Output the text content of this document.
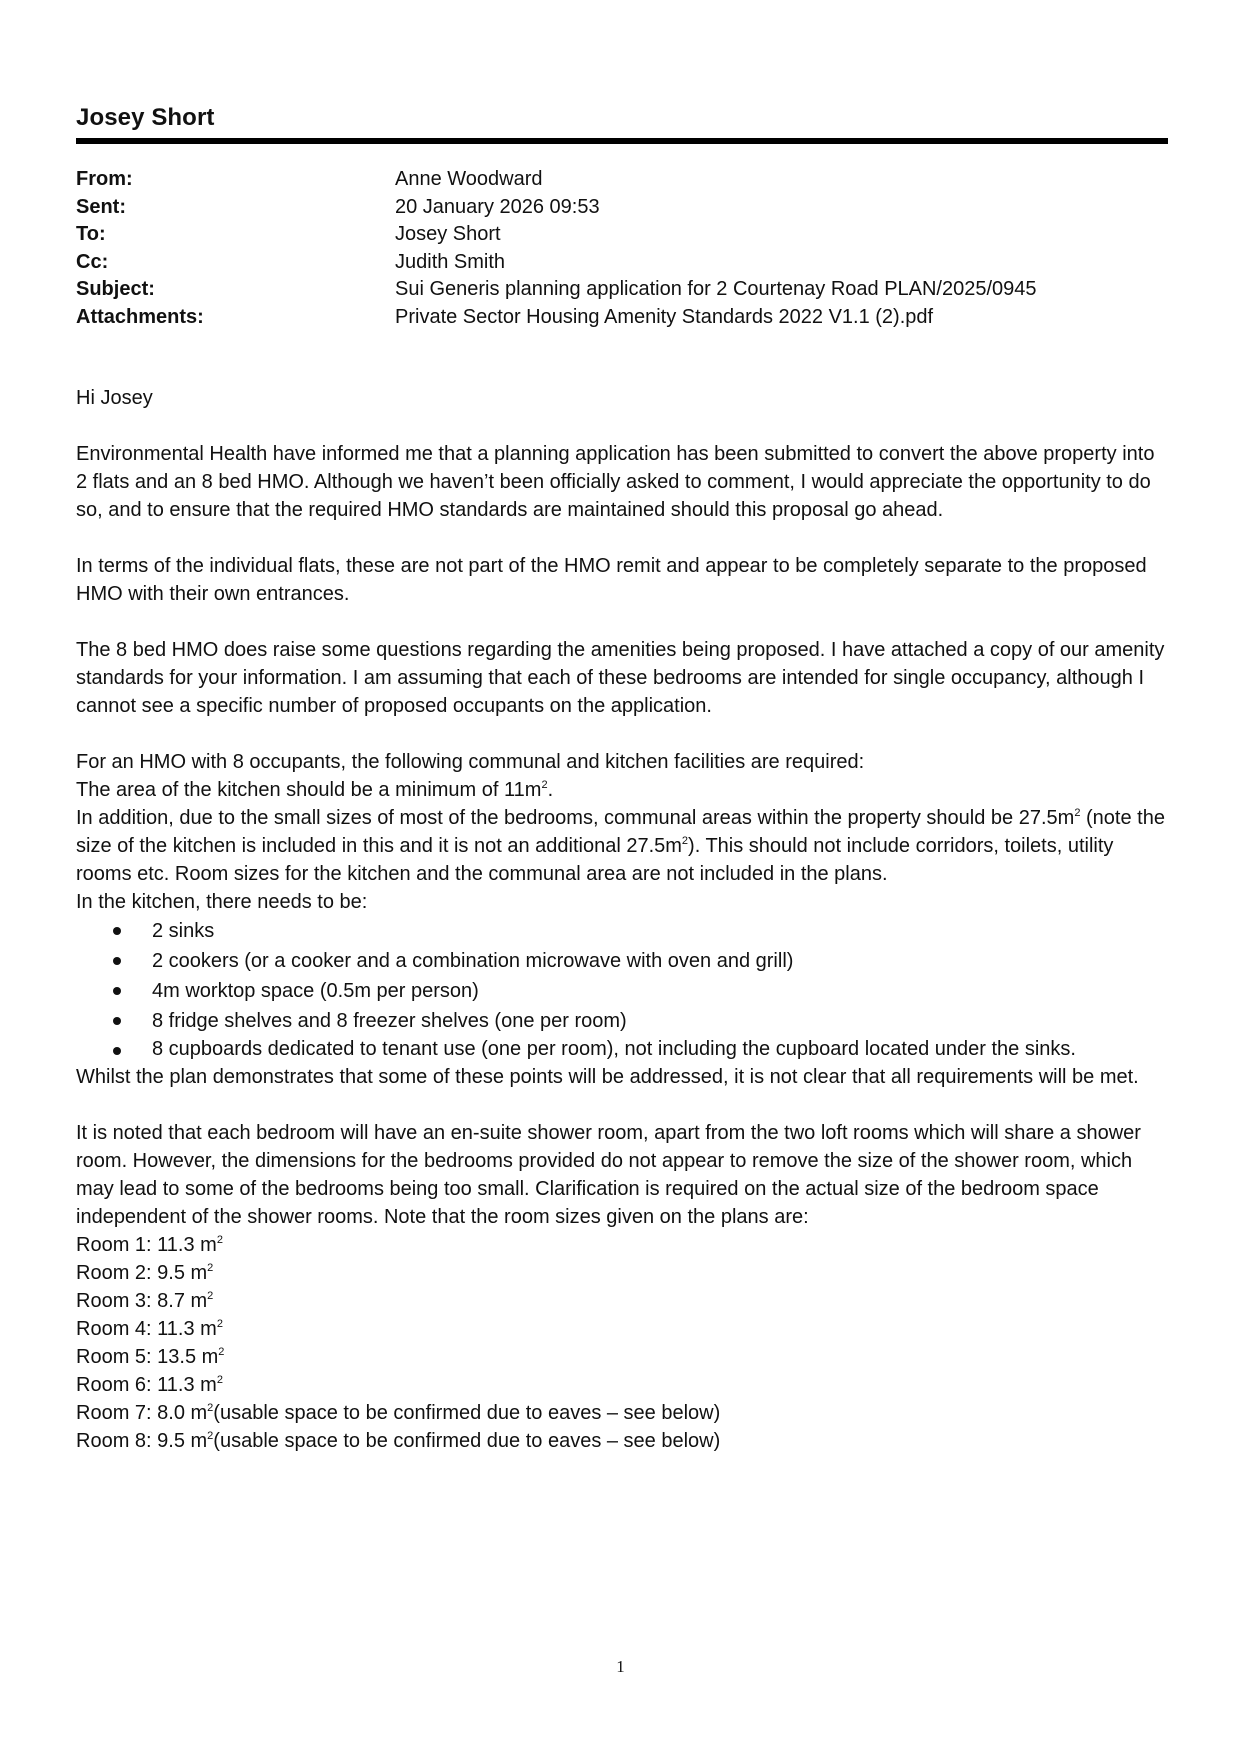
Josey Short
From:	Anne Woodward
Sent:	20 January 2026 09:53
To:	Josey Short
Cc:	Judith Smith
Subject:	Sui Generis planning application for 2 Courtenay Road PLAN/2025/0945
Attachments:	Private Sector Housing Amenity Standards 2022 V1.1 (2).pdf

Hi Josey

Environmental Health have informed me that a planning application has been submitted to convert the above property into 2 flats and an 8 bed HMO. Although we haven’t been officially asked to comment, I would appreciate the opportunity to do so, and to ensure that the required HMO standards are maintained should this proposal go ahead.

In terms of the individual flats, these are not part of the HMO remit and appear to be completely separate to the proposed HMO with their own entrances.

The 8 bed HMO does raise some questions regarding the amenities being proposed. I have attached a copy of our amenity standards for your information. I am assuming that each of these bedrooms are intended for single occupancy, although I cannot see a specific number of proposed occupants on the application.

For an HMO with 8 occupants, the following communal and kitchen facilities are required:

The area of the kitchen should be a minimum of $11m^2$.

In addition, due to the small sizes of most of the bedrooms, communal areas within the property should be $27.5m^2$ (note the size of the kitchen is included in this and it is not an additional $27.5m^2$). This should not include corridors, toilets, utility rooms etc. Room sizes for the kitchen and the communal area are not included in the plans.

In the kitchen, there needs to be:

2 sinks
2 cookers (or a cooker and a combination microwave with oven and grill)
4m worktop space (0.5m per person)
8 fridge shelves and 8 freezer shelves (one per room)
8 cupboards dedicated to tenant use (one per room), not including the cupboard located under the sinks.

Whilst the plan demonstrates that some of these points will be addressed, it is not clear that all requirements will be met.

It is noted that each bedroom will have an en-suite shower room, apart from the two loft rooms which will share a shower room. However, the dimensions for the bedrooms provided do not appear to remove the size of the shower room, which may lead to some of the bedrooms being too small. Clarification is required on the actual size of the bedroom space independent of the shower rooms. Note that the room sizes given on the plans are:

Room 1: 11.3 $m^2$

Room 2: 9.5 $m^2$

Room 3: 8.7 $m^2$

Room 4: 11.3 $m^2$

Room 5: 13.5 $m^2$

Room 6: 11.3 $m^2$

Room 7: 8.0 $m^2(usable$ space to be confirmed due to eaves – see below)

Room 8: 9.5 $m^2(usable$ space to be confirmed due to eaves – see below)

1
